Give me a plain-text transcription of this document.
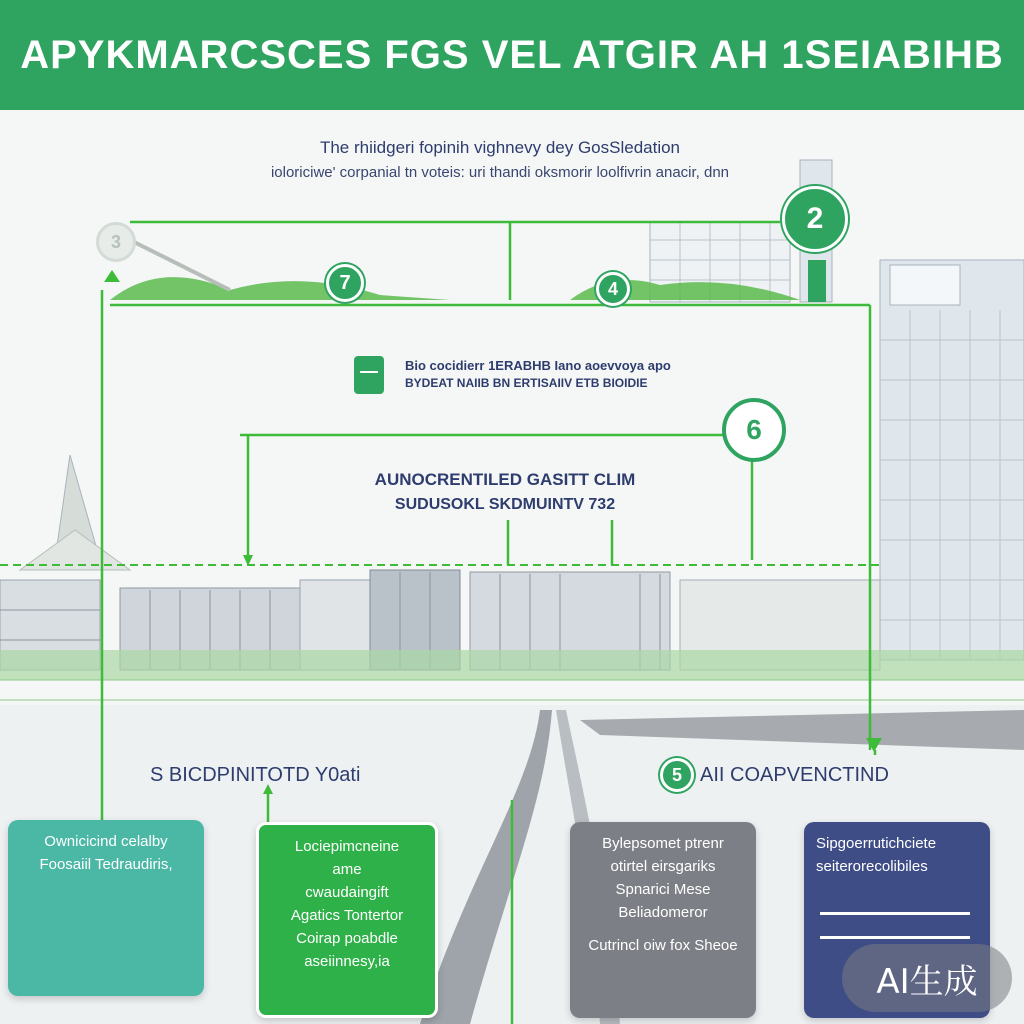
APYKMARCSCES FGS VEL ATGIR AH 1SEIABIHB
3
2
7	4
6
5
The rhiidgeri fopinih vighnevy dey GosSledation
ioloriciwe' corpanial tn voteis: uri thandi oksmorir loolfivrin anacir, dnn
Bio cocidierr 1ERABHB Iano aoevvoya apo
BYDEAT NAIIB BN ERTISAIIV ETB BIOIDIE
AUNOCRENTILED GASITT CLIM
SUDUSOKL SKDMUINTV 732
S BICDPINITOTD Y0ati	AII COAPVENCTIND
Ownicicind celalby
Foosaiil Tedraudiris,
Lociepimcneine
ame
cwaudaingift
Agatics Tontertor
Coirap poabdle
aseiinnesy,ia
Bylepsomet ptrenr
otirtel eirsgariks
Spnarici Mese
Beliadomeror
Cutrincl oiw fox Sheoe
Sipgoerrutichciete
seiterorecolibiles
AI生成
